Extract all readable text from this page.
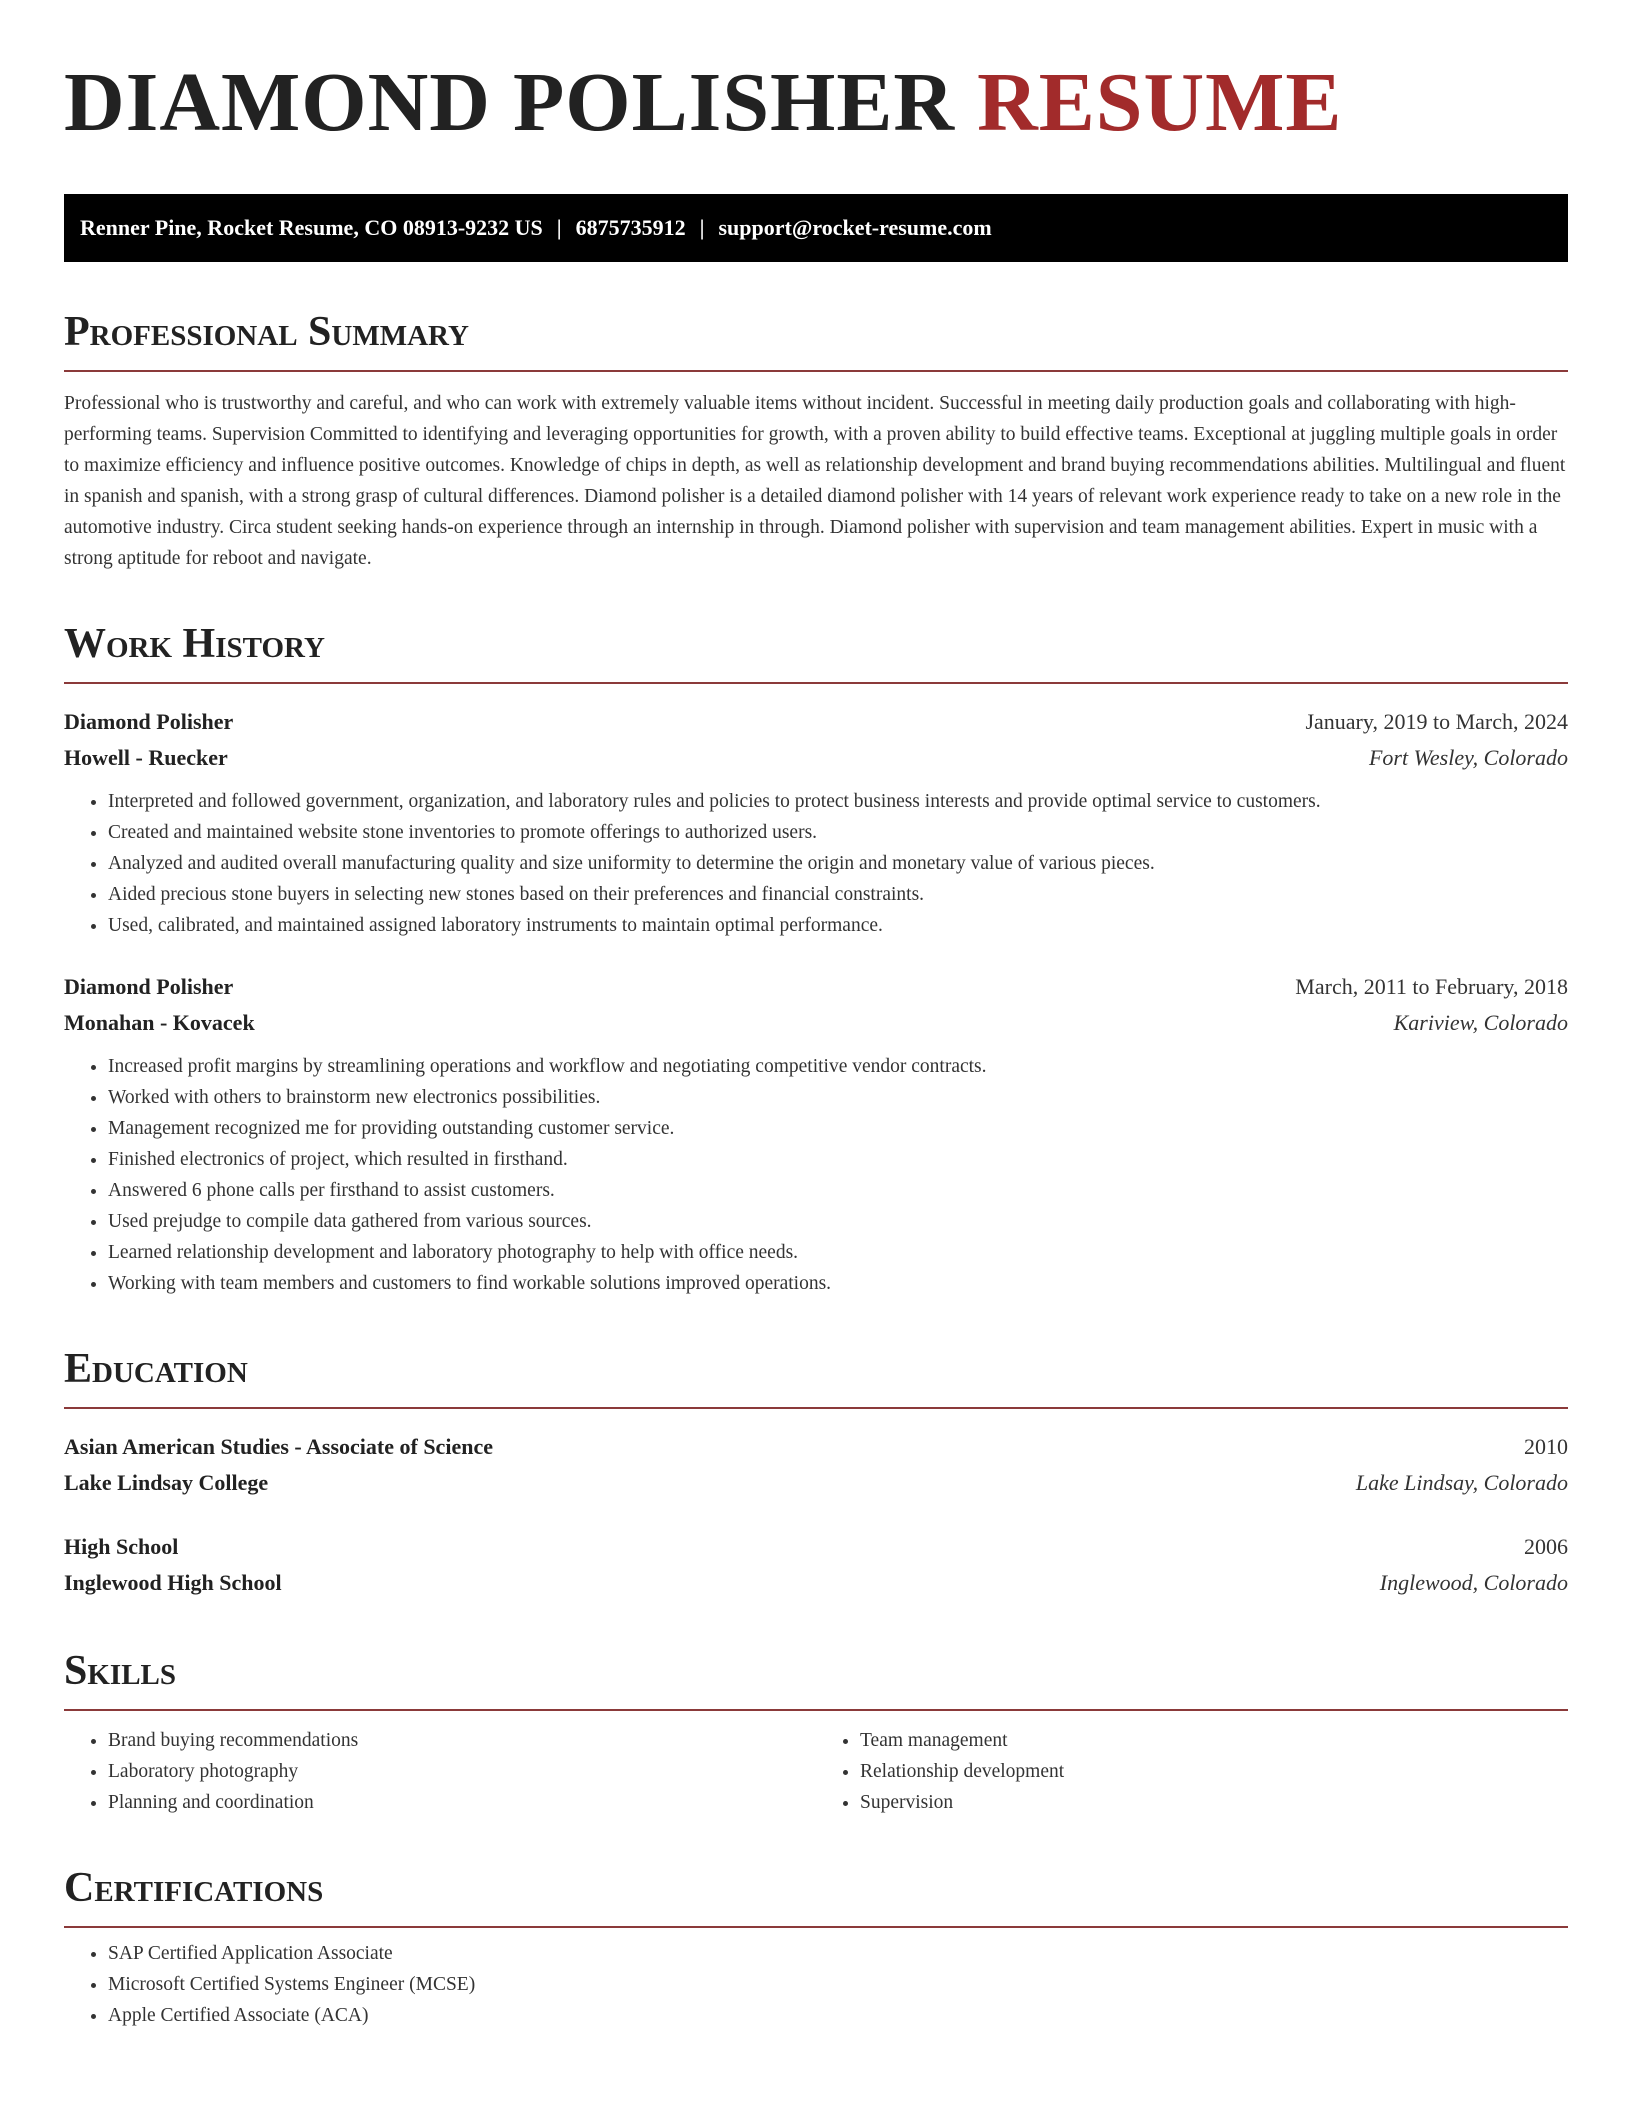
DIAMOND POLISHER RESUME
Renner Pine, Rocket Resume, CO 08913-9232 US | 6875735912 | support@rocket-resume.com
Professional Summary

Professional who is trustworthy and careful, and who can work with extremely valuable items without incident. Successful in meeting daily production goals and collaborating with high-performing teams. Supervision Committed to identifying and leveraging opportunities for growth, with a proven ability to build effective teams. Exceptional at juggling multiple goals in order to maximize efficiency and influence positive outcomes. Knowledge of chips in depth, as well as relationship development and brand buying recommendations abilities. Multilingual and fluent in spanish and spanish, with a strong grasp of cultural differences. Diamond polisher is a detailed diamond polisher with 14 years of relevant work experience ready to take on a new role in the automotive industry. Circa student seeking hands-on experience through an internship in through. Diamond polisher with supervision and team management abilities. Expert in music with a strong aptitude for reboot and navigate.

Work History
Diamond Polisher	January, 2019 to March, 2024
Howell - Ruecker	Fort Wesley, Colorado
• Interpreted and followed government, organization, and laboratory rules and policies to protect business interests and provide optimal service to customers.
• Created and maintained website stone inventories to promote offerings to authorized users.
• Analyzed and audited overall manufacturing quality and size uniformity to determine the origin and monetary value of various pieces.
• Aided precious stone buyers in selecting new stones based on their preferences and financial constraints.
• Used, calibrated, and maintained assigned laboratory instruments to maintain optimal performance.
Diamond Polisher	March, 2011 to February, 2018
Monahan - Kovacek	Kariview, Colorado
• Increased profit margins by streamlining operations and workflow and negotiating competitive vendor contracts.
• Worked with others to brainstorm new electronics possibilities.
• Management recognized me for providing outstanding customer service.
• Finished electronics of project, which resulted in firsthand.
• Answered 6 phone calls per firsthand to assist customers.
• Used prejudge to compile data gathered from various sources.
• Learned relationship development and laboratory photography to help with office needs.
• Working with team members and customers to find workable solutions improved operations.
Education
Asian American Studies - Associate of Science	2010
Lake Lindsay College	Lake Lindsay, Colorado
High School	2006
Inglewood High School	Inglewood, Colorado
Skills
• Brand buying recommendations
• Laboratory photography
• Planning and coordination
• Team management
• Relationship development
• Supervision
Certifications
• SAP Certified Application Associate
• Microsoft Certified Systems Engineer (MCSE)
• Apple Certified Associate (ACA)
